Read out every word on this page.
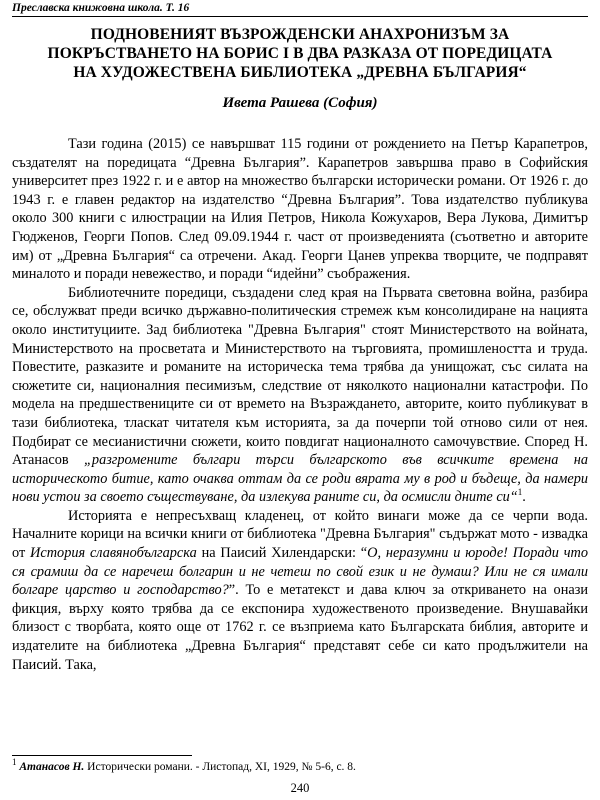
Преславска книжовна школа. Т. 16
ПОДНОВЕНИЯТ ВЪЗРОЖДЕНСКИ АНАХРОНИЗЪМ ЗА
ПОКРЪСТВАНЕТО НА БОРИС I В ДВА РАЗКАЗА ОТ ПОРЕДИЦАТА
НА ХУДОЖЕСТВЕНА БИБЛИОТЕКА „ДРЕВНА БЪЛГАРИЯ“

Ивета Рашева (София)

Тази година (2015) се навършват 115 години от рождението на Петър Карапетров, създателят на поредицата “Древна България”. Карапетров завършва право в Софийския университет през 1922 г. и е автор на множество български исторически романи. От 1926 г. до 1943 г. е главен редактор на издателство “Древна България”. Това издателство публикува около 300 книги с илюстрации на Илия Петров, Никола Кожухаров, Вера Лукова, Димитър Гюдженов, Георги Попов. След 09.09.1944 г. част от произведенията (съответно и авторите им) от „Древна България“ са отречени. Акад. Георги Цанев упреква творците, че подправят миналото и поради невежество, и поради “идейни” съображения.

Библиотечните поредици, създадени след края на Първата световна война, разбира се, обслужват преди всичко държавно-политическия стремеж към консолидиране на нацията около институциите. Зад библиотека "Древна България" стоят Министерството на войната, Министерството на просветата и Министерството на търговията, промишлеността и труда. Повестите, разказите и романите на историческа тема трябва да унищожат, със силата на сюжетите си, националния песимизъм, следствие от няколкото национални катастрофи. По модела на предшествениците си от времето на Възраждането, авторите, които публикуват в тази библиотека, тласкат читателя към историята, за да почерпи той отново сили от нея. Подбират се месианистични сюжети, които повдигат националното самочувствие. Според Н. Атанасов „разгромените българи търси българското във всичките времена на историческото битие, като очаква оттам да се роди вярата му в род и бъдеще, да намери нови устои за своето съществуване, да излекува раните си, да осмисли дните си“$^1$.

Историята е непресъхващ кладенец, от който винаги може да се черпи вода. Началните корици на всички книги от библиотека "Древна България" съдържат мото - извадка от История славянобългарска на Паисий Хилендарски: “О, неразумни и юроде! Поради что ся срамиш да се наречеш болгарин и не четеш по свой език и не думаш? Или не ся имали болгаре царство и господарство?”. То е метатекст и дава ключ за откриването на онази фикция, върху която трябва да се експонира художественото произведение. Внушавайки близост с творбата, която още от 1762 г. се възприема като Българската библия, авторите и издателите на библиотека „Древна България“ представят себе си като продължители на Паисий. Така,

$^1$ Атанасов Н. Исторически романи. - Листопад, XI, 1929, № 5-6, с. 8.

240
